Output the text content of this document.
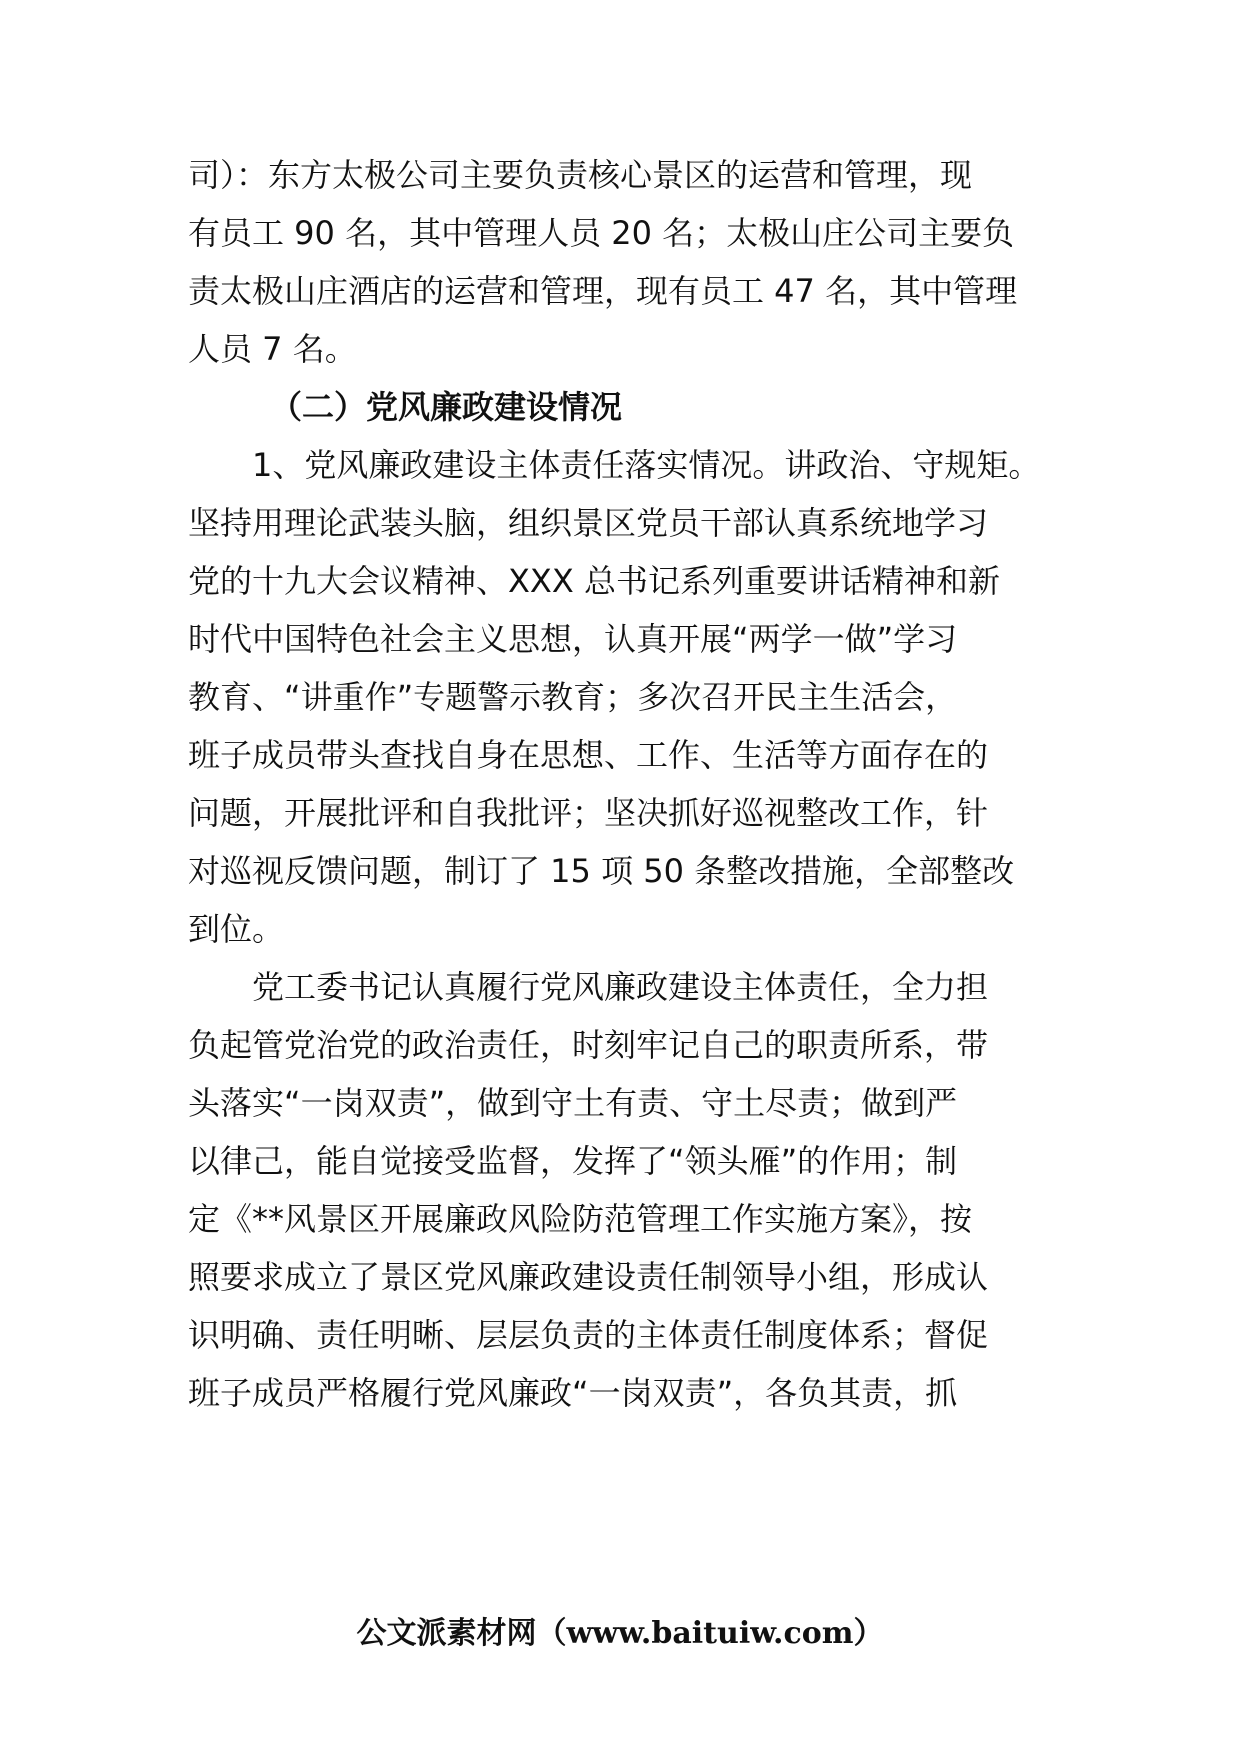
司）：东方太极公司主要负责核心景区的运营和管理，现
有员工 90 名，其中管理人员 20 名；太极山庄公司主要负
责太极山庄酒店的运营和管理，现有员工 47 名，其中管理
人员 7 名。
（二）党风廉政建设情况
1、党风廉政建设主体责任落实情况。讲政治、守规矩。
坚持用理论武装头脑，组织景区党员干部认真系统地学习
党的十九大会议精神、XXX 总书记系列重要讲话精神和新
时代中国特色社会主义思想，认真开展“两学一做”学习
教育、“讲重作”专题警示教育；多次召开民主生活会，
班子成员带头查找自身在思想、工作、生活等方面存在的
问题，开展批评和自我批评；坚决抓好巡视整改工作，针
对巡视反馈问题，制订了 15 项 50 条整改措施，全部整改
到位。
党工委书记认真履行党风廉政建设主体责任，全力担
负起管党治党的政治责任，时刻牢记自己的职责所系，带
头落实“一岗双责”，做到守土有责、守土尽责；做到严
以律己，能自觉接受监督，发挥了“领头雁”的作用；制
定《**风景区开展廉政风险防范管理工作实施方案》，按
照要求成立了景区党风廉政建设责任制领导小组，形成认
识明确、责任明晰、层层负责的主体责任制度体系；督促
班子成员严格履行党风廉政“一岗双责”，各负其责，抓
公文派素材网（www.baituiw.com）
